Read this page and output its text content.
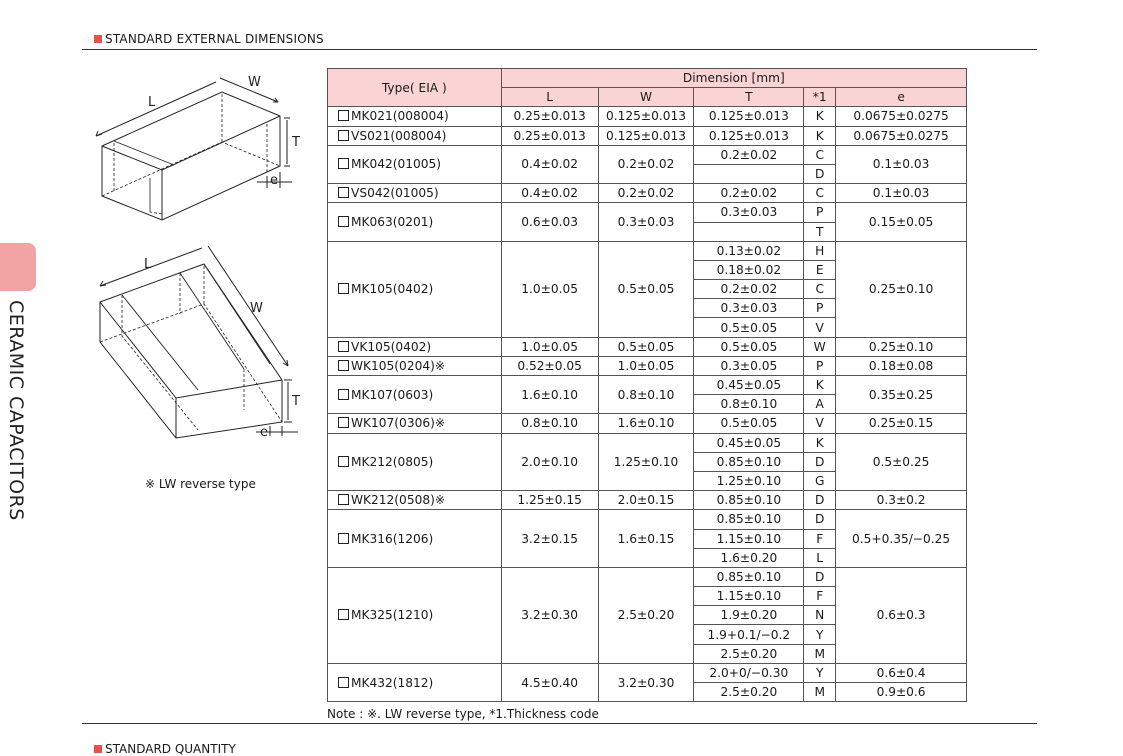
STANDARD EXTERNAL DIMENSIONS
CERAMIC CAPACITORS
L
W
T
e
L
W
T
e
※ LW reverse type
Type( EIA )	Dimension [mm]				
	L	W	T	*1	e
MK021(008004)	0.25±0.013	0.125±0.013	0.125±0.013	K	0.0675±0.0275
VS021(008004)	0.25±0.013	0.125±0.013	0.125±0.013	K	0.0675±0.0275
MK042(01005)	0.4±0.02	0.2±0.02	0.2±0.02	C	0.1±0.03
				D	
VS042(01005)	0.4±0.02	0.2±0.02	0.2±0.02	C	0.1±0.03
MK063(0201)	0.6±0.03	0.3±0.03	0.3±0.03	P	0.15±0.05
				T	
MK105(0402)	1.0±0.05	0.5±0.05	0.13±0.02	H	0.25±0.10
			0.18±0.02	E	
			0.2±0.02	C	
			0.3±0.03	P	
			0.5±0.05	V	
VK105(0402)	1.0±0.05	0.5±0.05	0.5±0.05	W	0.25±0.10
WK105(0204)※	0.52±0.05	1.0±0.05	0.3±0.05	P	0.18±0.08
MK107(0603)	1.6±0.10	0.8±0.10	0.45±0.05	K	0.35±0.25
			0.8±0.10	A	
WK107(0306)※	0.8±0.10	1.6±0.10	0.5±0.05	V	0.25±0.15
MK212(0805)	2.0±0.10	1.25±0.10	0.45±0.05	K	0.5±0.25
			0.85±0.10	D	
			1.25±0.10	G	
WK212(0508)※	1.25±0.15	2.0±0.15	0.85±0.10	D	0.3±0.2
MK316(1206)	3.2±0.15	1.6±0.15	0.85±0.10	D	0.5+0.35/−0.25
			1.15±0.10	F	
			1.6±0.20	L	
MK325(1210)	3.2±0.30	2.5±0.20	0.85±0.10	D	0.6±0.3
			1.15±0.10	F	
			1.9±0.20	N	
			1.9+0.1/−0.2	Y	
			2.5±0.20	M	
MK432(1812)	4.5±0.40	3.2±0.30	2.0+0/−0.30	Y	0.6±0.4
			2.5±0.20	M	0.9±0.6
Note : ※. LW reverse type, *1.Thickness code
STANDARD QUANTITY
